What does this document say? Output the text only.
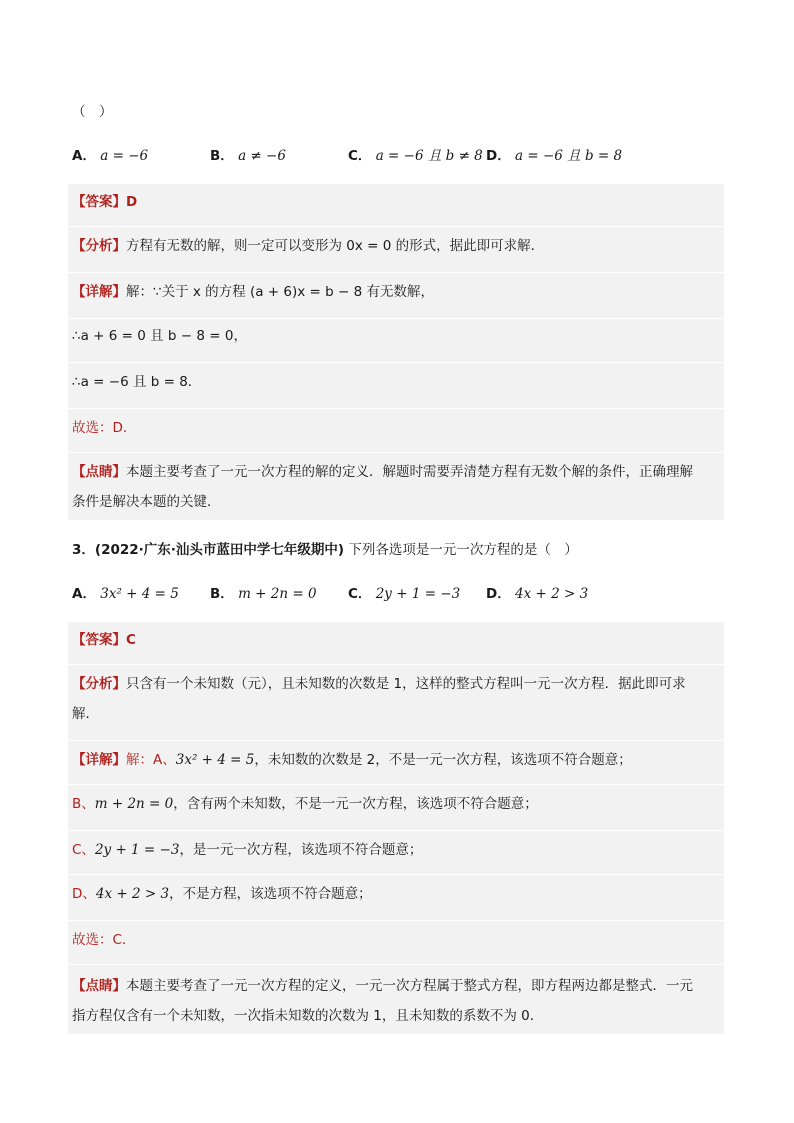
（　）
A． a = −6	B． a ≠ −6	C． a = −6 且 b ≠ 8 D． a = −6 且 b = 8
【答案】D
【分析】方程有无数的解，则一定可以变形为 0x = 0 的形式，据此即可求解．
【详解】解：∵关于 x 的方程 (a + 6)x = b − 8 有无数解，
∴a + 6 = 0 且 b − 8 = 0，
∴a = −6 且 b = 8．
故选：D．
【点睛】本题主要考查了一元一次方程的解的定义．解题时需要弄清楚方程有无数个解的条件，正确理解
条件是解决本题的关键．
3．(2022·广东·汕头市蓝田中学七年级期中) 下列各选项是一元一次方程的是（　）
A． 3x² + 4 = 5 B． m + 2n = 0 C． 2y + 1 = −3 D． 4x + 2 > 3
【答案】C
【分析】只含有一个未知数（元），且未知数的次数是 1，这样的整式方程叫一元一次方程．据此即可求
解．
【详解】解：A、3x² + 4 = 5，未知数的次数是 2，不是一元一次方程，该选项不符合题意；
B、m + 2n = 0，含有两个未知数，不是一元一次方程，该选项不符合题意；
C、2y + 1 = −3，是一元一次方程，该选项不符合题意；
D、4x + 2 > 3，不是方程，该选项不符合题意；
故选：C．
【点睛】本题主要考查了一元一次方程的定义，一元一次方程属于整式方程，即方程两边都是整式．一元
指方程仅含有一个未知数，一次指未知数的次数为 1，且未知数的系数不为 0．
